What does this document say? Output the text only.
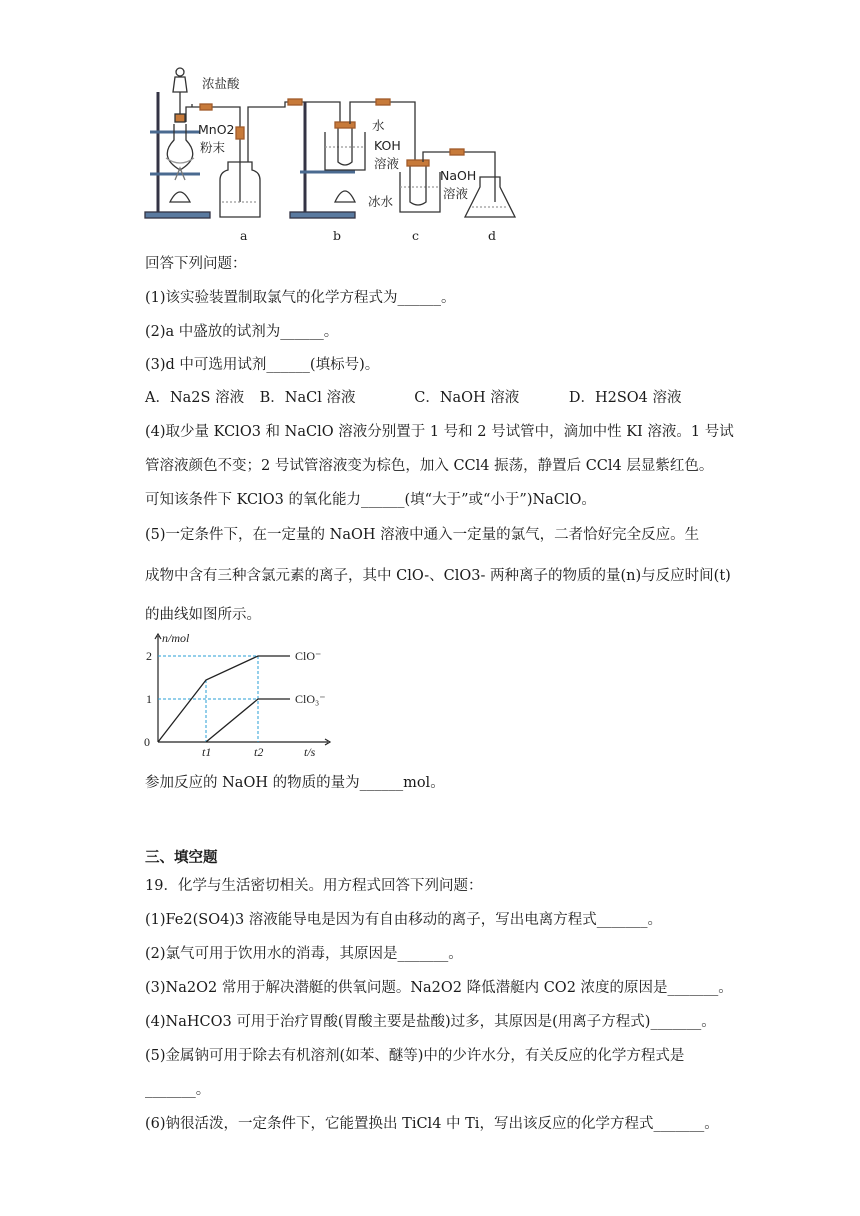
浓盐酸
MnO2
粉末
水
KOH
溶液
冰水
NaOH
溶液
a	b	c	d
回答下列问题：
(1)该实验装置制取氯气的化学方程式为______。
(2)a 中盛放的试剂为______。
(3)d 中可选用试剂______(填标号)。
A．Na2S 溶液 B．NaCl 溶液	C．NaOH 溶液	D．H2SO4 溶液
(4)取少量 KClO3 和 NaClO 溶液分别置于 1 号和 2 号试管中，滴加中性 KI 溶液。1 号试
管溶液颜色不变；2 号试管溶液变为棕色，加入 CCl4 振荡，静置后 CCl4 层显紫红色。
可知该条件下 KClO3 的氧化能力______(填“大于”或“小于”)NaClO。
(5)一定条件下，在一定量的 NaOH 溶液中通入一定量的氯气，二者恰好完全反应。生
成物中含有三种含氯元素的离子，其中 ClO-、ClO3- 两种离子的物质的量(n)与反应时间(t)
的曲线如图所示。
n/mol
0
1
2
t1	t2	t/s
ClO⁻
ClO₃⁻
参加反应的 NaOH 的物质的量为______mol。
三、填空题
19．化学与生活密切相关。用方程式回答下列问题：
(1)Fe2(SO4)3 溶液能导电是因为有自由移动的离子，写出电离方程式_______。
(2)氯气可用于饮用水的消毒，其原因是_______。
(3)Na2O2 常用于解决潜艇的供氧问题。Na2O2 降低潜艇内 CO2 浓度的原因是_______。
(4)NaHCO3 可用于治疗胃酸(胃酸主要是盐酸)过多，其原因是(用离子方程式)_______。
(5)金属钠可用于除去有机溶剂(如苯、醚等)中的少许水分，有关反应的化学方程式是
_______。
(6)钠很活泼，一定条件下，它能置换出 TiCl4 中 Ti，写出该反应的化学方程式_______。
